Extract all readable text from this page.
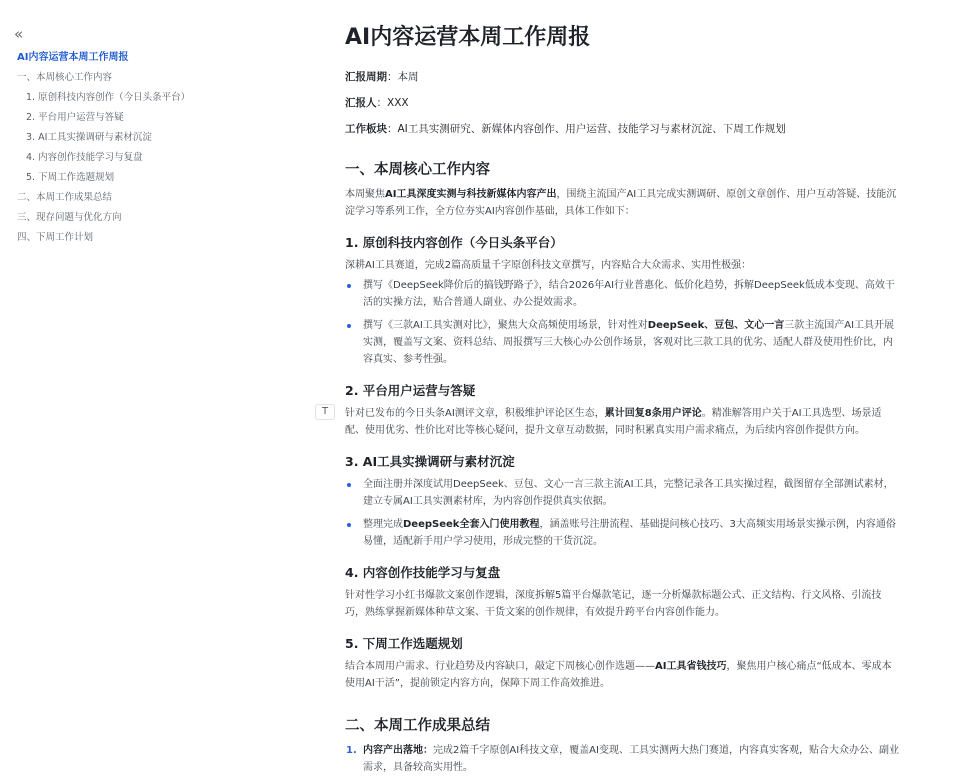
«
AI内容运营本周工作周报
一、本周核心工作内容
1. 原创科技内容创作（今日头条平台）
2. 平台用户运营与答疑
3. AI工具实操调研与素材沉淀
4. 内容创作技能学习与复盘
5. 下周工作选题规划
二、本周工作成果总结
三、现存问题与优化方向
四、下周工作计划
AI内容运营本周工作周报
汇报周期：本周
汇报人：XXX
工作板块：AI工具实测研究、新媒体内容创作、用户运营、技能学习与素材沉淀、下周工作规划
一、本周核心工作内容

本周聚焦AI工具深度实测与科技新媒体内容产出，围绕主流国产AI工具完成实测调研、原创文章创作、用户互动答疑、技能沉淀学习等系列工作，全方位夯实AI内容创作基础，具体工作如下：

1. 原创科技内容创作（今日头条平台）

深耕AI工具赛道，完成2篇高质量千字原创科技文章撰写，内容贴合大众需求、实用性极强：

撰写《DeepSeek降价后的搞钱野路子》，结合2026年AI行业普惠化、低价化趋势，拆解DeepSeek低成本变现、高效干活的实操方法，贴合普通人副业、办公提效需求。
撰写《三款AI工具实测对比》，聚焦大众高频使用场景，针对性对DeepSeek、豆包、文心一言三款主流国产AI工具开展实测，覆盖写文案、资料总结、周报撰写三大核心办公创作场景，客观对比三款工具的优劣、适配人群及使用性价比，内容真实、参考性强。
2. 平台用户运营与答疑

T	针对已发布的今日头条AI测评文章，积极维护评论区生态，累计回复8条用户评论。精准解答用户关于AI工具选型、场景适配、使用优劣、性价比对比等核心疑问，提升文章互动数据，同时积累真实用户需求痛点，为后续内容创作提供方向。

3. AI工具实操调研与素材沉淀
全面注册并深度试用DeepSeek、豆包、文心一言三款主流AI工具，完整记录各工具实操过程，截图留存全部测试素材，建立专属AI工具实测素材库，为内容创作提供真实依据。
整理完成DeepSeek全套入门使用教程，涵盖账号注册流程、基础提问核心技巧、3大高频实用场景实操示例，内容通俗易懂，适配新手用户学习使用，形成完整的干货沉淀。
4. 内容创作技能学习与复盘

针对性学习小红书爆款文案创作逻辑，深度拆解5篇平台爆款笔记，逐一分析爆款标题公式、正文结构、行文风格、引流技巧，熟练掌握新媒体种草文案、干货文案的创作规律，有效提升跨平台内容创作能力。

5. 下周工作选题规划

结合本周用户需求、行业趋势及内容缺口，敲定下周核心创作选题——AI工具省钱技巧，聚焦用户核心痛点“低成本、零成本使用AI干活”，提前锁定内容方向，保障下周工作高效推进。

二、本周工作成果总结
1. 内容产出落地：完成2篇千字原创AI科技文章，覆盖AI变现、工具实测两大热门赛道，内容真实客观，贴合大众办公、副业需求，具备较高实用性。
